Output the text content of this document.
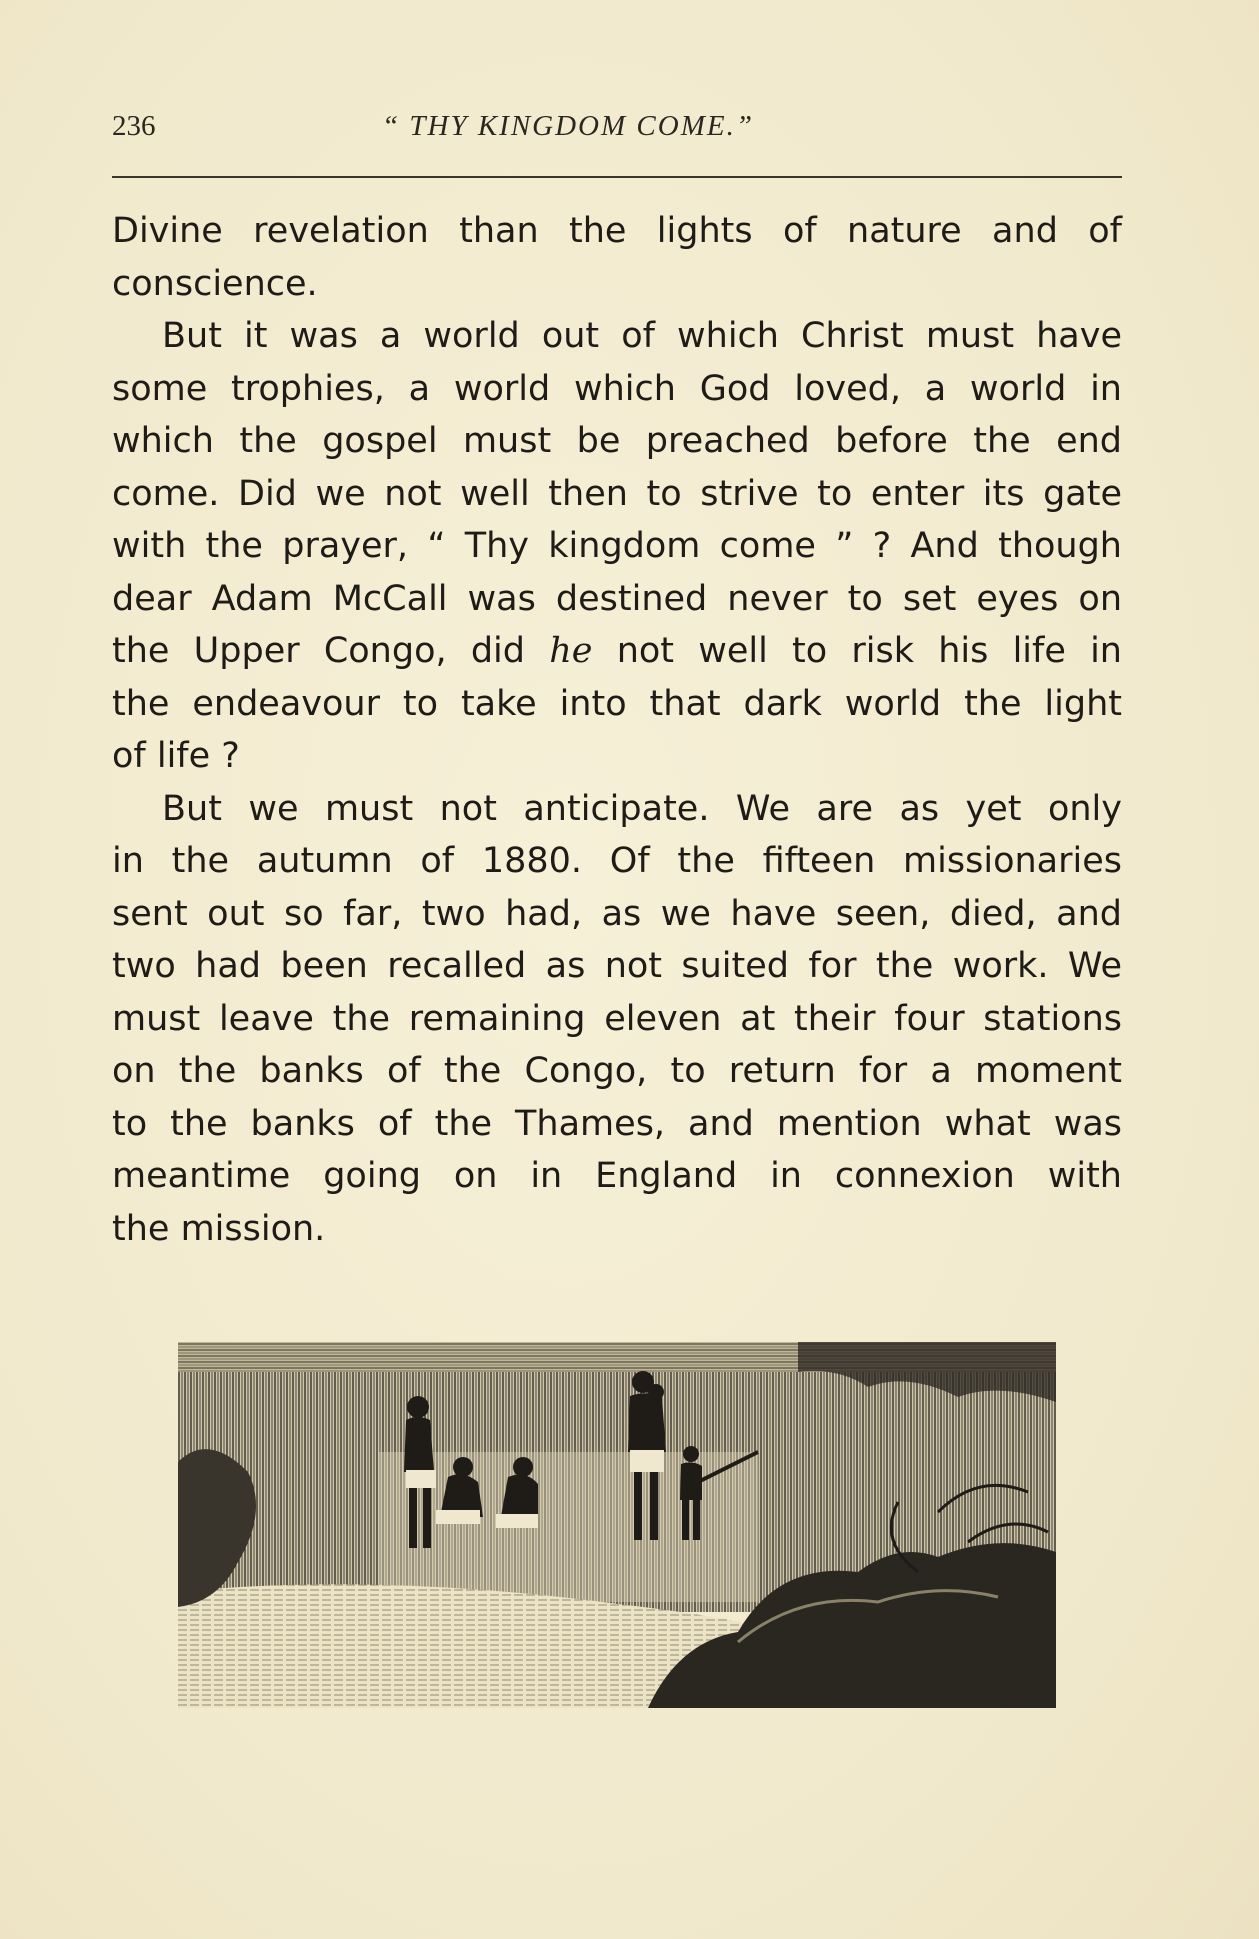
236	“ THY KINGDOM COME.”
Divine revelation than the lights of nature and of
conscience.
But it was a world out of which Christ must have
some trophies, a world which God loved, a world in
which the gospel must be preached before the end
come. Did we not well then to strive to enter its gate
with the prayer, “ Thy kingdom come ” ? And though
dear Adam McCall was destined never to set eyes on
the Upper Congo, did he not well to risk his life in
the endeavour to take into that dark world the light
of life ?
But we must not anticipate. We are as yet only
in the autumn of 1880. Of the fifteen missionaries
sent out so far, two had, as we have seen, died, and
two had been recalled as not suited for the work. We
must leave the remaining eleven at their four stations
on the banks of the Congo, to return for a moment
to the banks of the Thames, and mention what was
meantime going on in England in connexion with
the mission.
